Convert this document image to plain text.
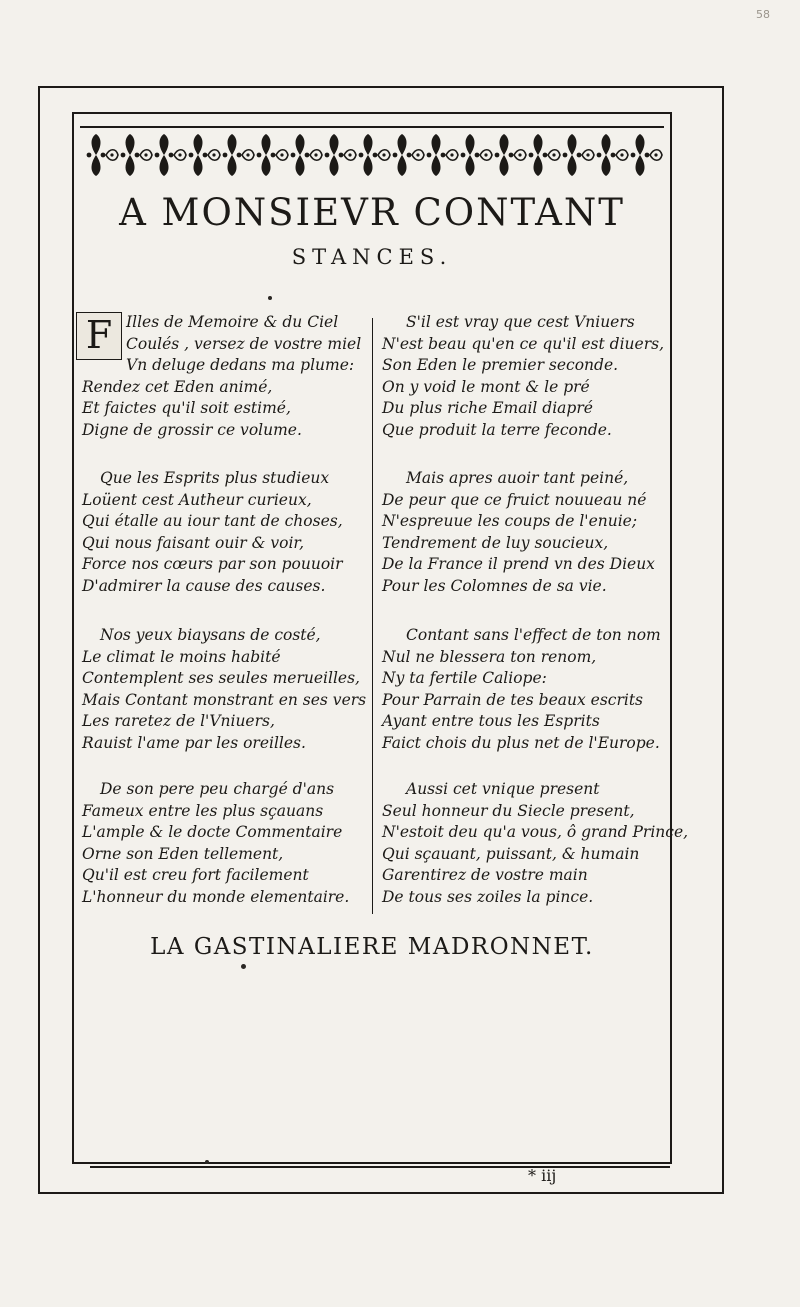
58
A MONSIEVR CONTANT
STANCES.
F Illes de Memoire & du Ciel
Coulés , versez de vostre miel
Vn deluge dedans ma plume:
Rendez cet Eden animé,
Et faictes qu'il soit estimé,
Digne de grossir ce volume.
Que les Esprits plus studieux
Loüent cest Autheur curieux,
Qui étalle au iour tant de choses,
Qui nous faisant ouir & voir,
Force nos cœurs par son pouuoir
D'admirer la cause des causes.
Nos yeux biaysans de costé,
Le climat le moins habité
Contemplent ses seules merueilles,
Mais Contant monstrant en ses vers
Les raretez de l'Vniuers,
Rauist l'ame par les oreilles.
De son pere peu chargé d'ans
Fameux entre les plus sçauans
L'ample & le docte Commentaire
Orne son Eden tellement,
Qu'il est creu fort facilement
L'honneur du monde elementaire.
S'il est vray que cest Vniuers
N'est beau qu'en ce qu'il est diuers,
Son Eden le premier seconde.
On y void le mont & le pré
Du plus riche Email diapré
Que produit la terre feconde.
Mais apres auoir tant peiné,
De peur que ce fruict nouueau né
N'espreuue les coups de l'enuie;
Tendrement de luy soucieux,
De la France il prend vn des Dieux
Pour les Colomnes de sa vie.
Contant sans l'effect de ton nom
Nul ne blessera ton renom,
Ny ta fertile Caliope:
Pour Parrain de tes beaux escrits
Ayant entre tous les Esprits
Faict chois du plus net de l'Europe.
Aussi cet vnique present
Seul honneur du Siecle present,
N'estoit deu qu'a vous, ô grand Prince,
Qui sçauant, puissant, & humain
Garentirez de vostre main
De tous ses zoiles la pince.
LA GASTINALIERE MADRONNET.
* iij
